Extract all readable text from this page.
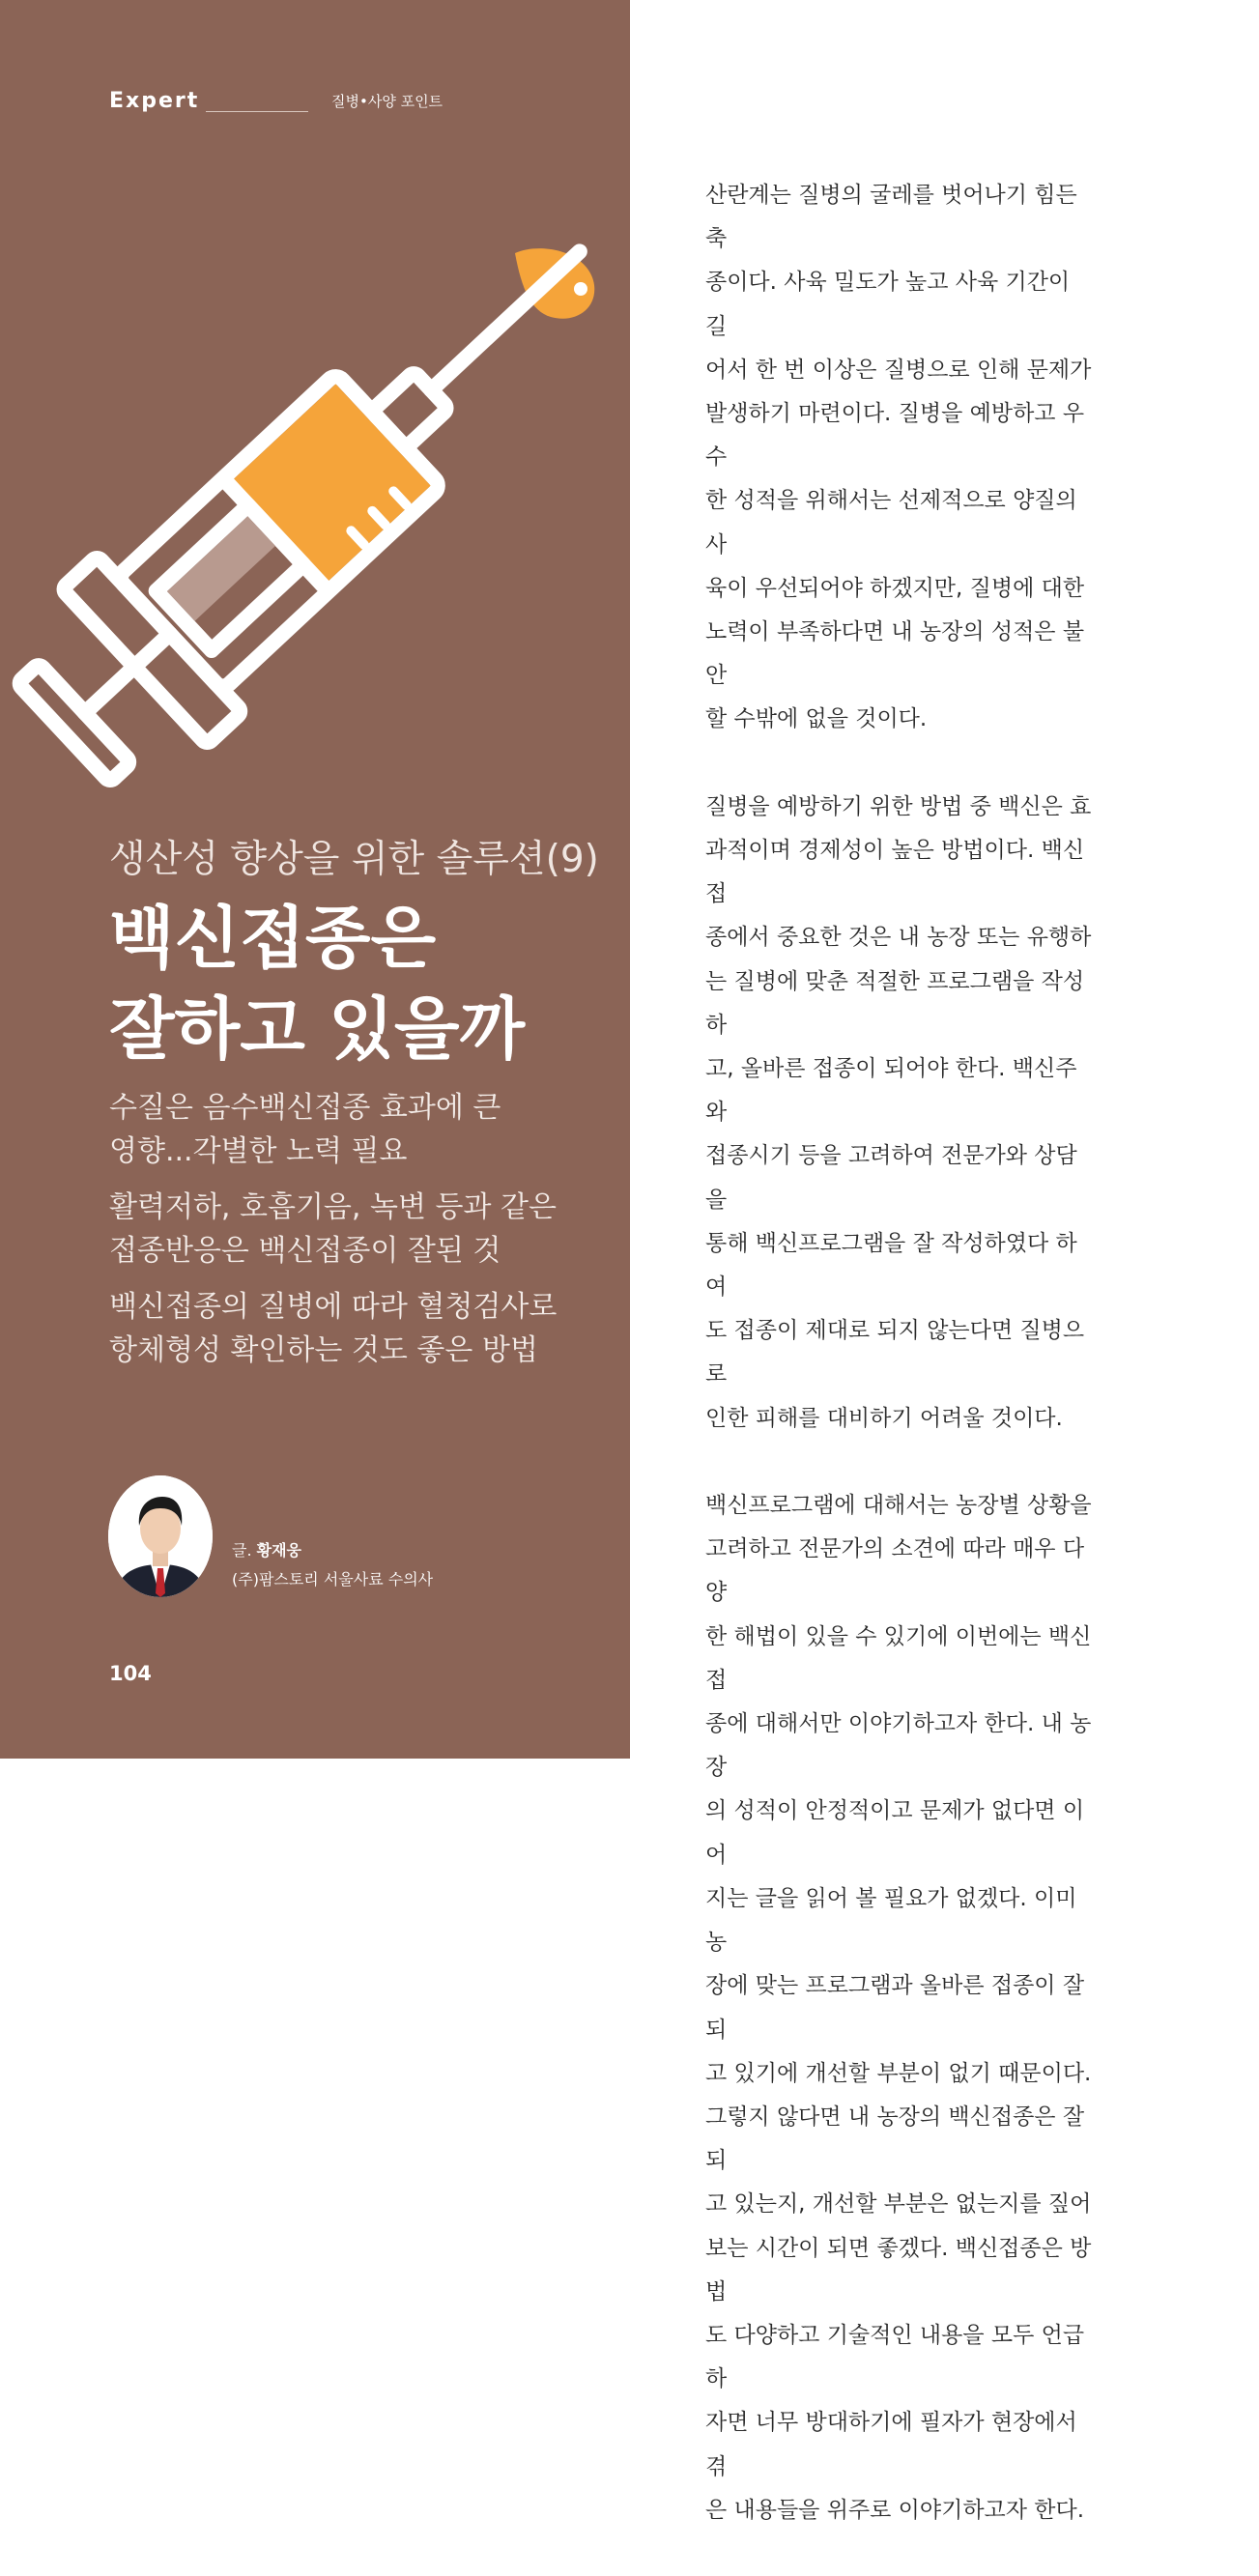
Expert	질병•사양 포인트
생산성 향상을 위한 솔루션(9)
백신접종은
잘하고 있을까
수질은 음수백신접종 효과에 큰
영향...각별한 노력 필요
활력저하, 호흡기음, 녹변 등과 같은
접종반응은 백신접종이 잘된 것
백신접종의 질병에 따라 혈청검사로
항체형성 확인하는 것도 좋은 방법
글. 황재웅
(주)팜스토리 서울사료 수의사
104

산란계는 질병의 굴레를 벗어나기 힘든 축
종이다. 사육 밀도가 높고 사육 기간이 길
어서 한 번 이상은 질병으로 인해 문제가
발생하기 마련이다. 질병을 예방하고 우수
한 성적을 위해서는 선제적으로 양질의 사
육이 우선되어야 하겠지만, 질병에 대한
노력이 부족하다면 내 농장의 성적은 불안
할 수밖에 없을 것이다.

질병을 예방하기 위한 방법 중 백신은 효
과적이며 경제성이 높은 방법이다. 백신접
종에서 중요한 것은 내 농장 또는 유행하
는 질병에 맞춘 적절한 프로그램을 작성하
고, 올바른 접종이 되어야 한다. 백신주와
접종시기 등을 고려하여 전문가와 상담을
통해 백신프로그램을 잘 작성하였다 하여
도 접종이 제대로 되지 않는다면 질병으로
인한 피해를 대비하기 어려울 것이다.

백신프로그램에 대해서는 농장별 상황을
고려하고 전문가의 소견에 따라 매우 다양
한 해법이 있을 수 있기에 이번에는 백신접
종에 대해서만 이야기하고자 한다. 내 농장
의 성적이 안정적이고 문제가 없다면 이어
지는 글을 읽어 볼 필요가 없겠다. 이미 농
장에 맞는 프로그램과 올바른 접종이 잘 되
고 있기에 개선할 부분이 없기 때문이다.
그렇지 않다면 내 농장의 백신접종은 잘 되
고 있는지, 개선할 부분은 없는지를 짚어
보는 시간이 되면 좋겠다. 백신접종은 방법
도 다양하고 기술적인 내용을 모두 언급하
자면 너무 방대하기에 필자가 현장에서 겪
은 내용들을 위주로 이야기하고자 한다.
